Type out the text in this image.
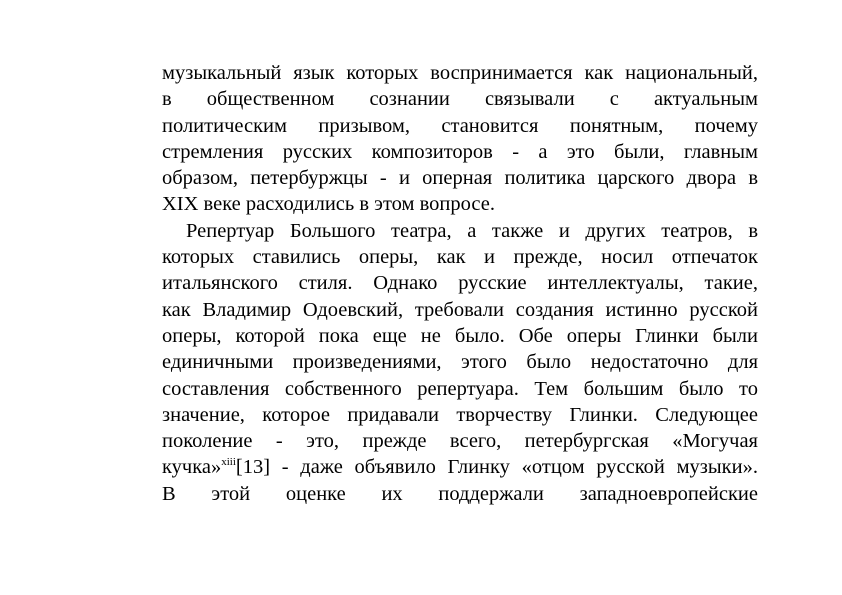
музыкальный язык которых воспринимается как национальный,
в общественном сознании связывали с актуальным
политическим призывом, становится понятным, почему
стремления русских композиторов - а это были, главным
образом, петербуржцы - и оперная политика царского двора в
XIX веке расходились в этом вопросе.
Репертуар Большого театра, а также и других театров, в
которых ставились оперы, как и прежде, носил отпечаток
итальянского стиля. Однако русские интеллектуалы, такие,
как Владимир Одоевский, требовали создания истинно русской
оперы, которой пока еще не было. Обе оперы Глинки были
единичными произведениями, этого было недостаточно для
составления собственного репертуара. Тем большим было то
значение, которое придавали творчеству Глинки. Следующее
поколение - это, прежде всего, петербургская «Могучая
кучка»$^{xiii}$[13] - даже объявило Глинку «отцом русской музыки».
В этой оценке их поддержали западноевропейские
